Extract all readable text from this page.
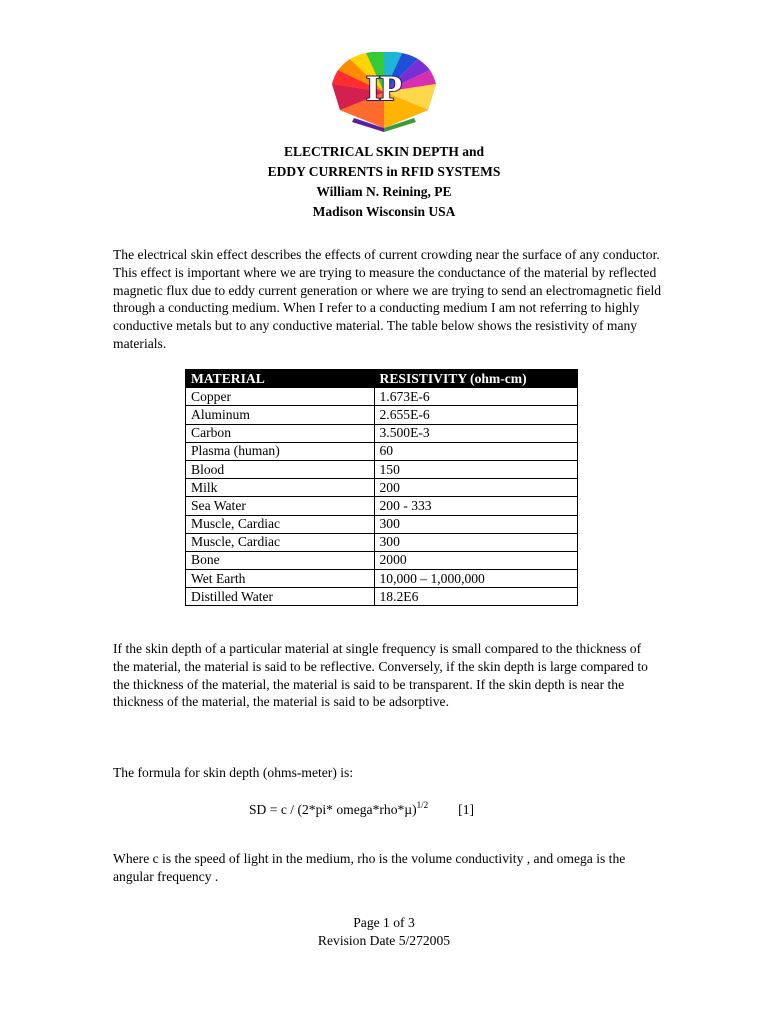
IP
ELECTRICAL SKIN DEPTH and
EDDY CURRENTS in RFID SYSTEMS
William N. Reining, PE
Madison Wisconsin USA

The electrical skin effect describes the effects of current crowding near the surface of any conductor. This effect is important where we are trying to measure the conductance of the material by reflected magnetic flux due to eddy current generation or where we are trying to send an electromagnetic field through a conducting medium. When I refer to a conducting medium I am not referring to highly conductive metals but to any conductive material. The table below shows the resistivity of many materials.

MATERIAL	RESISTIVITY (ohm-cm)
Copper	1.673E-6
Aluminum	2.655E-6
Carbon	3.500E-3
Plasma (human)	60
Blood	150
Milk	200
Sea Water	200 - 333
Muscle, Cardiac	300
Muscle, Cardiac	300
Bone	2000
Wet Earth	10,000 – 1,000,000
Distilled Water	18.2E6

If the skin depth of a particular material at single frequency is small compared to the thickness of the material, the material is said to be reflective. Conversely, if the skin depth is large compared to the thickness of the material, the material is said to be transparent. If the skin depth is near the thickness of the material, the material is said to be adsorptive.

The formula for skin depth (ohms-meter) is:

SD = c / (2*pi* omega*rho*µ)$^{1/2}$ [1]

Where c is the speed of light in the medium, rho is the volume conductivity , and omega is the angular frequency .

Page 1 of 3
Revision Date 5/272005
